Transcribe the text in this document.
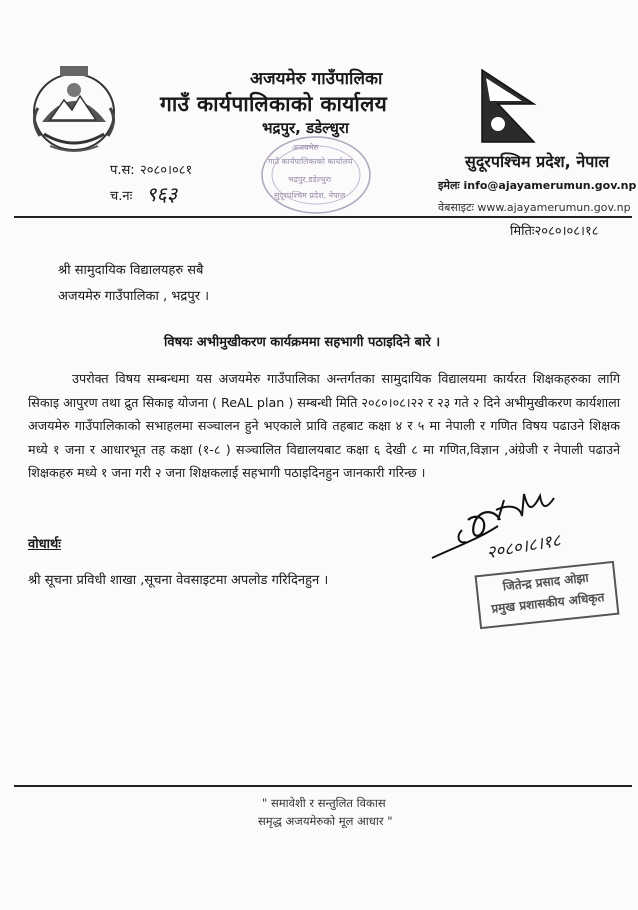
अजयमेरु गाउँपालिका
गाउँ कार्यपालिकाको कार्यालय
भद्रपुर, डडेल्धुरा
सुदूरपश्चिम प्रदेश, नेपाल
इमेलः info@ajayamerumun.gov.np
वेबसाइटः www.ajayamerumun.gov.np
प.स: २०८०।०८१
च.नः ९६३
अजयमेरु
गाउँ कार्यपालिकाको कार्यालय
भद्रपुर,डडेल्धुरा
सुदूरपश्चिम प्रदेश, नेपाल
मितिः२०८०।०८।१८
श्री सामुदायिक विद्यालयहरु सबै
अजयमेरु गाउँपालिका , भद्रपुर ।
विषयः अभीमुखीकरण कार्यक्रममा सहभागी पठाइदिने बारे ।

उपरोक्त विषय सम्बन्धमा यस अजयमेरु गाउँपालिका अन्तर्गतका सामुदायिक विद्यालयमा कार्यरत शिक्षकहरुका लागि सिकाइ आपुरण तथा द्रुत सिकाइ योजना ( ReAL plan ) सम्बन्धी मिति २०८०।०८।२२ र २३ गते २ दिने अभीमुखीकरण कार्यशाला अजयमेरु गाउँपालिकाको सभाहलमा सञ्चालन हुने भएकाले प्रावि तहबाट कक्षा ४ र ५ मा नेपाली र गणित विषय पढाउने शिक्षक मध्ये १ जना र आधारभूत तह कक्षा (१-८ ) सञ्चालित विद्यालयबाट कक्षा ६ देखी ८ मा गणित,विज्ञान ,अंग्रेजी र नेपाली पढाउने शिक्षकहरु मध्ये १ जना गरी २ जना शिक्षकलाई सहभागी पठाइदिनहुन जानकारी गरिन्छ ।

वोधार्थः
श्री सूचना प्रविधी शाखा ,सूचना वेवसाइटमा अपलोड गरिदिनहुन ।
२०८०।८।१८
जितेन्द्र प्रसाद ओझा
प्रमुख प्रशासकीय अधिकृत
" समावेशी र सन्तुलित विकास
समृद्ध अजयमेरुको मूल आधार "
